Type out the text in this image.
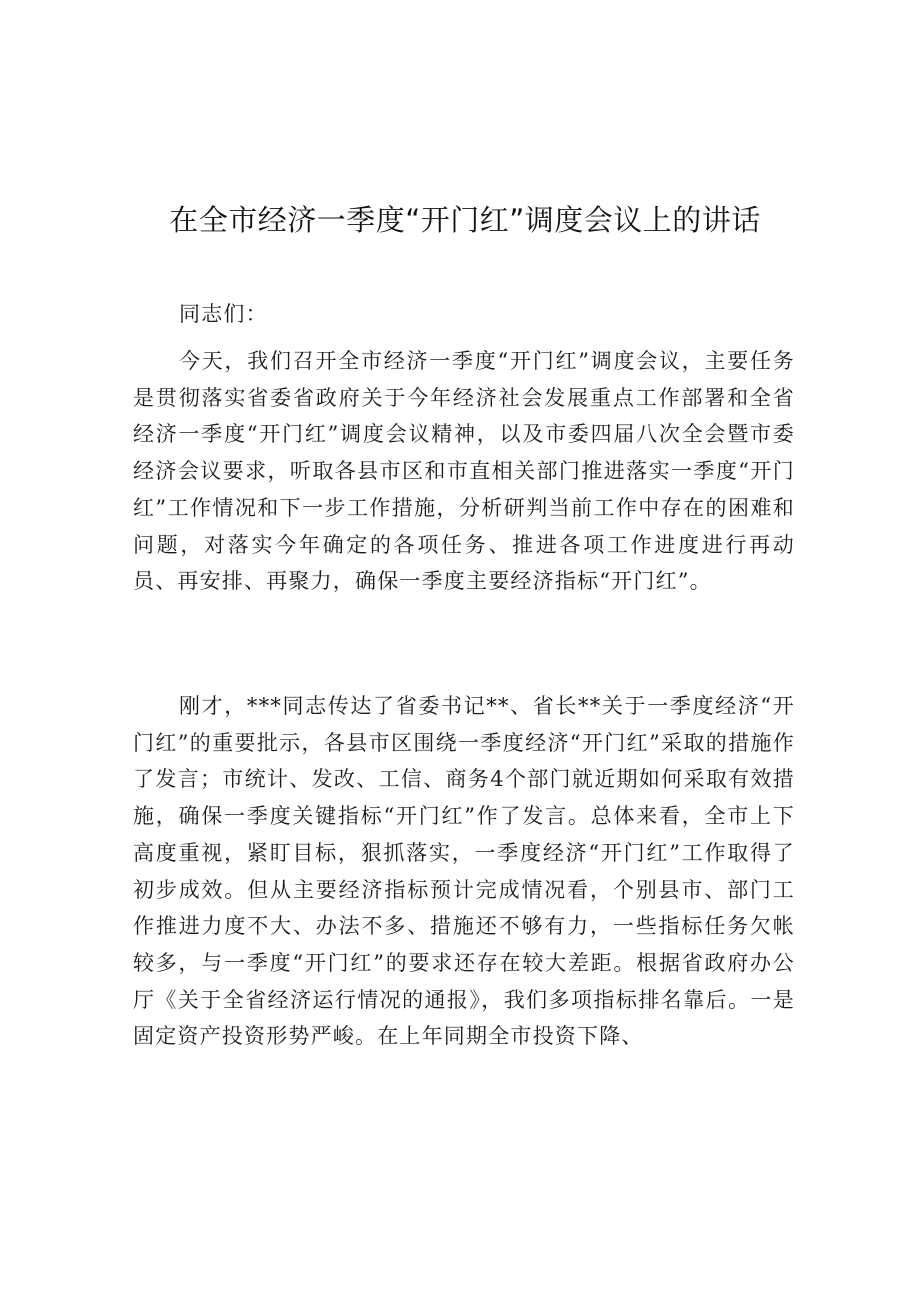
在全市经济一季度“开门红”调度会议上的讲话
同志们：
今天，我们召开全市经济一季度“开门红”调度会议，主要任务是贯彻落实省委省政府关于今年经济社会发展重点工作部署和全省经济一季度“开门红”调度会议精神，以及市委四届八次全会暨市委经济会议要求，听取各县市区和市直相关部门推进落实一季度“开门红”工作情况和下一步工作措施，分析研判当前工作中存在的困难和问题，对落实今年确定的各项任务、推进各项工作进度进行再动员、再安排、再聚力，确保一季度主要经济指标“开门红”。
刚才，***同志传达了省委书记**、省长**关于一季度经济“开门红”的重要批示，各县市区围绕一季度经济“开门红”采取的措施作了发言；市统计、发改、工信、商务4个部门就近期如何采取有效措施，确保一季度关键指标“开门红”作了发言。总体来看，全市上下高度重视，紧盯目标，狠抓落实，一季度经济“开门红”工作取得了初步成效。但从主要经济指标预计完成情况看，个别县市、部门工作推进力度不大、办法不多、措施还不够有力，一些指标任务欠帐较多，与一季度“开门红”的要求还存在较大差距。根据省政府办公厅《关于全省经济运行情况的通报》，我们多项指标排名靠后。一是固定资产投资形势严峻。在上年同期全市投资下降、
